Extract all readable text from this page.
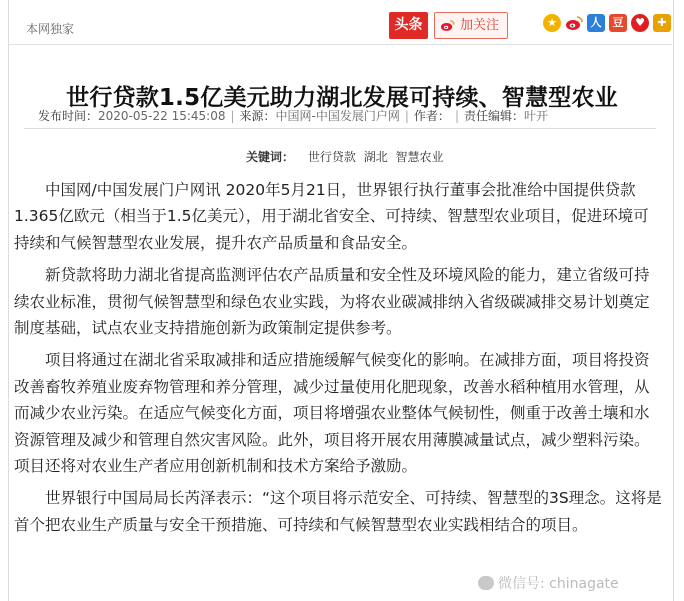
本网独家	头条	加关注	★	人	豆	♥	✚
世行贷款1.5亿美元助力湖北发展可持续、智慧型农业
发布时间：2020-05-22 15:45:08 | 来源：中国网-中国发展门户网 | 作者： | 责任编辑：叶开
关键词： 世行贷款 湖北 智慧农业

中国网/中国发展门户网讯 2020年5月21日，世界银行执行董事会批准给中国提供贷款1.365亿欧元（相当于1.5亿美元），用于湖北省安全、可持续、智慧型农业项目，促进环境可持续和气候智慧型农业发展，提升农产品质量和食品安全。

新贷款将助力湖北省提高监测评估农产品质量和安全性及环境风险的能力，建立省级可持续农业标准，贯彻气候智慧型和绿色农业实践，为将农业碳减排纳入省级碳减排交易计划奠定制度基础，试点农业支持措施创新为政策制定提供参考。

项目将通过在湖北省采取减排和适应措施缓解气候变化的影响。在减排方面，项目将投资改善畜牧养殖业废弃物管理和养分管理，减少过量使用化肥现象，改善水稻种植用水管理，从而减少农业污染。在适应气候变化方面，项目将增强农业整体气候韧性，侧重于改善土壤和水资源管理及减少和管理自然灾害风险。此外，项目将开展农用薄膜减量试点，减少塑料污染。项目还将对农业生产者应用创新机制和技术方案给予激励。

世界银行中国局局长芮泽表示：“这个项目将示范安全、可持续、智慧型的3S理念。这将是首个把农业生产质量与安全干预措施、可持续和气候智慧型农业实践相结合的项目。

微信号: chinagate
